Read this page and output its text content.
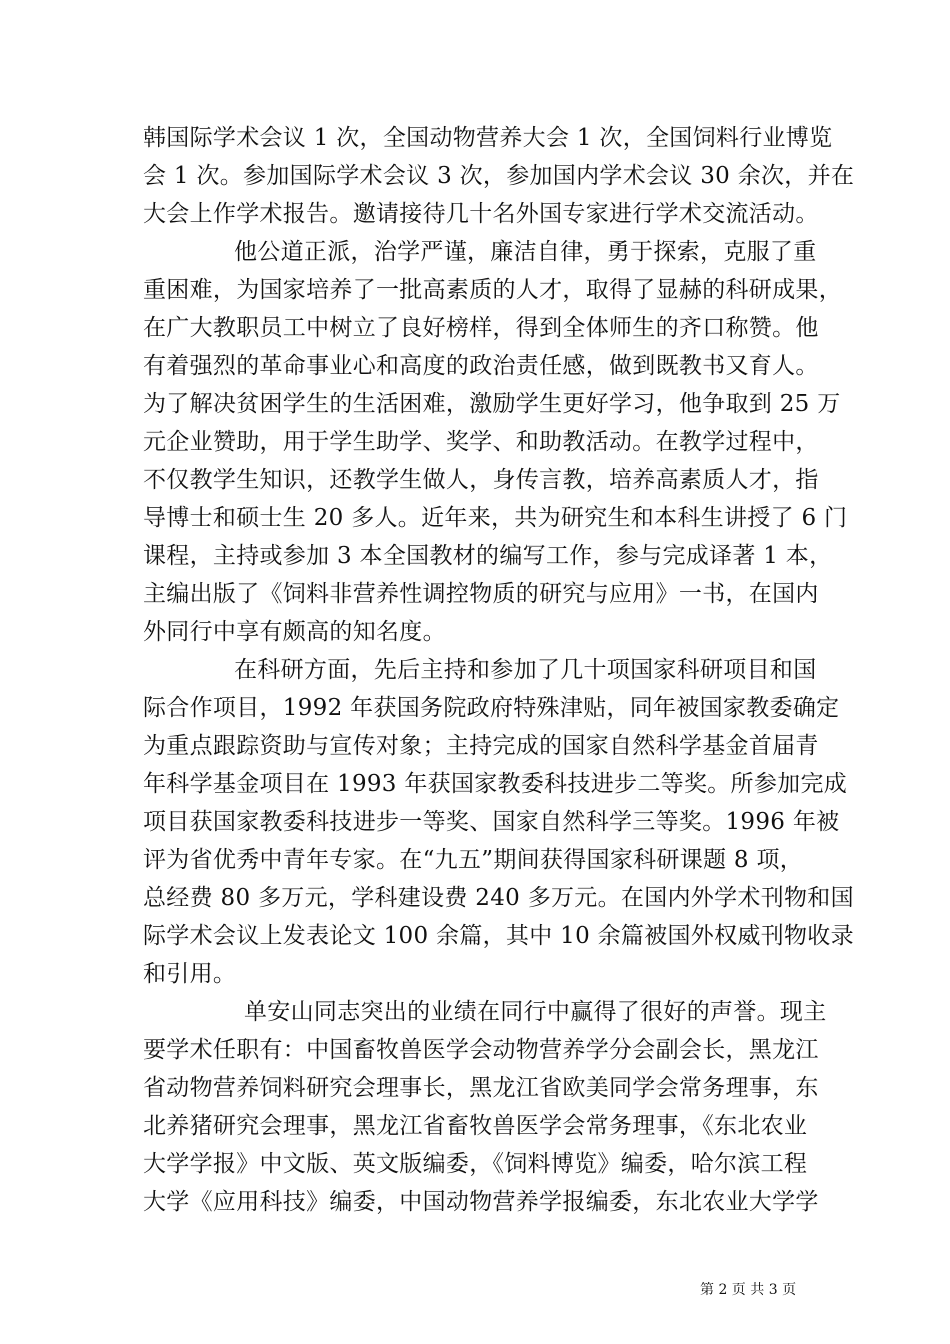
韩国际学术会议 1 次，全国动物营养大会 1 次，全国饲料行业博览
会 1 次。参加国际学术会议 3 次，参加国内学术会议 30 余次，并在
大会上作学术报告。邀请接待几十名外国专家进行学术交流活动。
他公道正派，治学严谨，廉洁自律，勇于探索，克服了重
重困难，为国家培养了一批高素质的人才，取得了显赫的科研成果，
在广大教职员工中树立了良好榜样，得到全体师生的齐口称赞。他
有着强烈的革命事业心和高度的政治责任感，做到既教书又育人。
为了解决贫困学生的生活困难，激励学生更好学习，他争取到 25 万
元企业赞助，用于学生助学、奖学、和助教活动。在教学过程中，
不仅教学生知识，还教学生做人，身传言教，培养高素质人才，指
导博士和硕士生 20 多人。近年来，共为研究生和本科生讲授了 6 门
课程，主持或参加 3 本全国教材的编写工作，参与完成译著 1 本，
主编出版了《饲料非营养性调控物质的研究与应用》一书，在国内
外同行中享有颇高的知名度。
在科研方面，先后主持和参加了几十项国家科研项目和国
际合作项目，1992 年获国务院政府特殊津贴，同年被国家教委确定
为重点跟踪资助与宣传对象；主持完成的国家自然科学基金首届青
年科学基金项目在 1993 年获国家教委科技进步二等奖。所参加完成
项目获国家教委科技进步一等奖、国家自然科学三等奖。1996 年被
评为省优秀中青年专家。在“九五”期间获得国家科研课题 8 项，
总经费 80 多万元，学科建设费 240 多万元。在国内外学术刊物和国
际学术会议上发表论文 100 余篇，其中 10 余篇被国外权威刊物收录
和引用。
单安山同志突出的业绩在同行中赢得了很好的声誉。现主
要学术任职有：中国畜牧兽医学会动物营养学分会副会长，黑龙江
省动物营养饲料研究会理事长，黑龙江省欧美同学会常务理事，东
北养猪研究会理事，黑龙江省畜牧兽医学会常务理事，《东北农业
大学学报》中文版、英文版编委，《饲料博览》编委，哈尔滨工程
大学《应用科技》编委，中国动物营养学报编委，东北农业大学学
第 2 页 共 3 页
